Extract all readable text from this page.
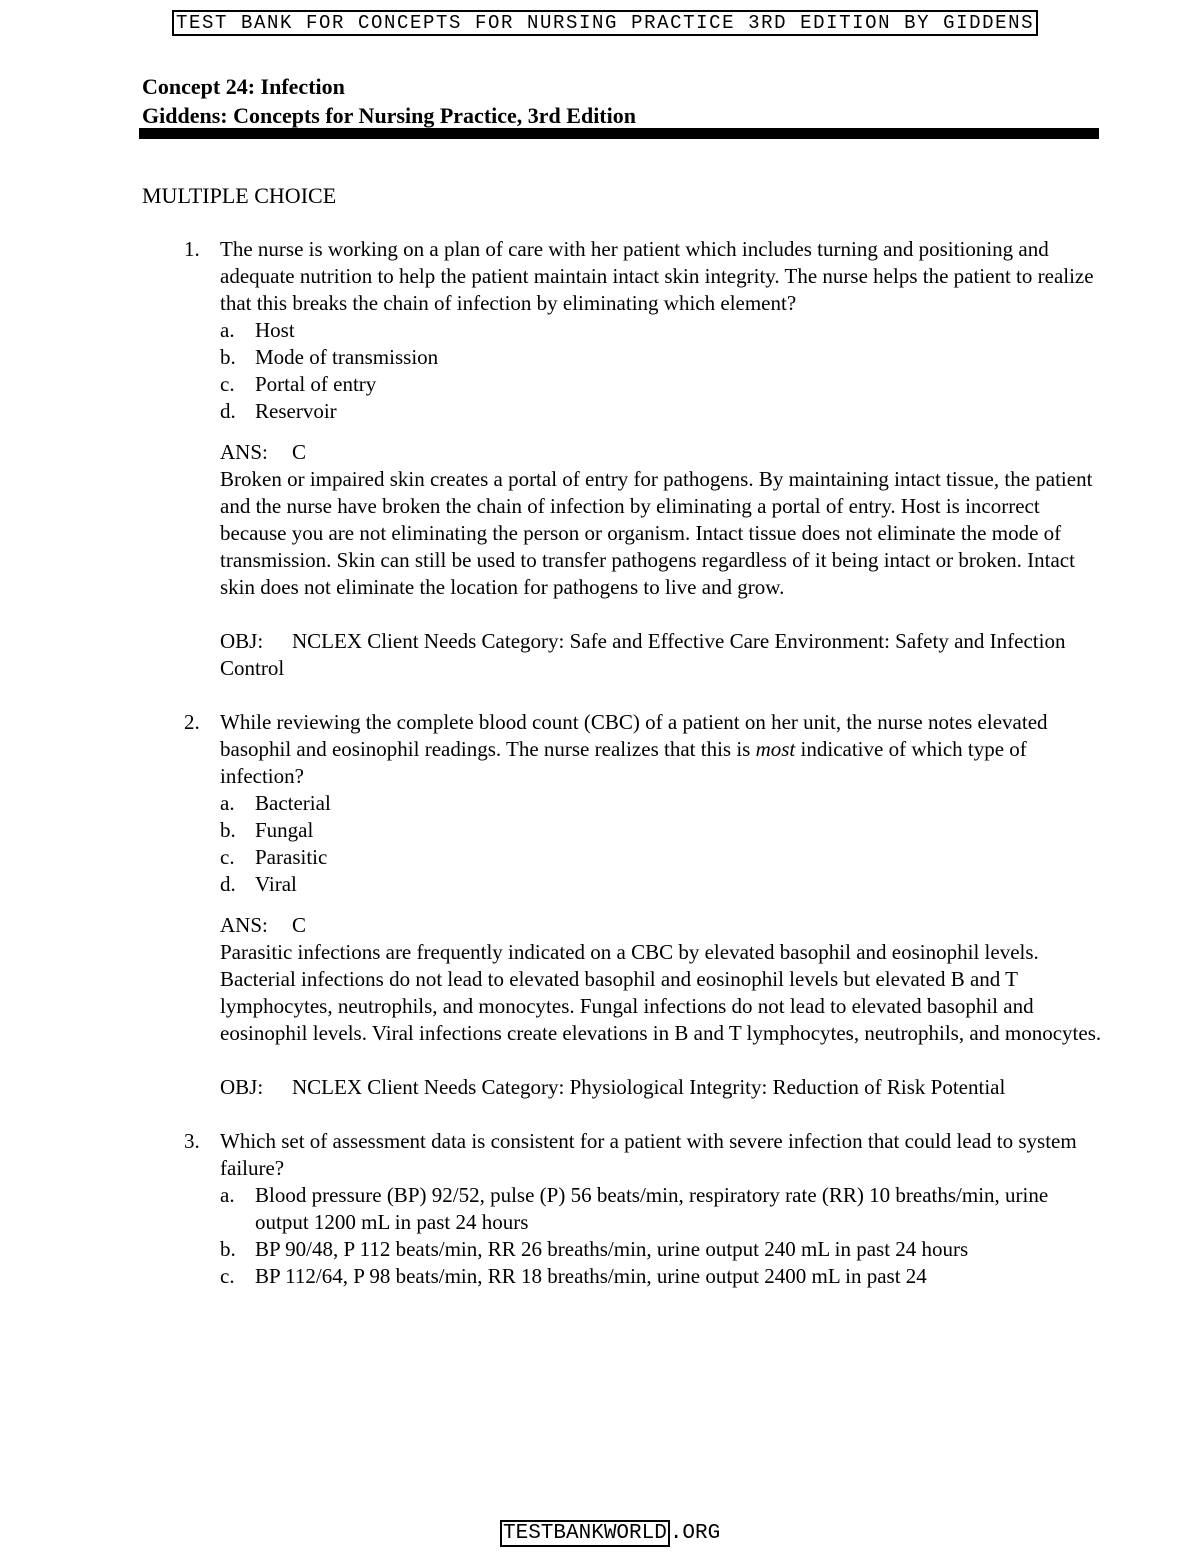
TEST BANK FOR CONCEPTS FOR NURSING PRACTICE 3RD EDITION BY GIDDENS
Concept 24: Infection
Giddens: Concepts for Nursing Practice, 3rd Edition
MULTIPLE CHOICE
1. The nurse is working on a plan of care with her patient which includes turning and positioning and adequate nutrition to help the patient maintain intact skin integrity. The nurse helps the patient to realize that this breaks the chain of infection by eliminating which element?

a. Host
b. Mode of transmission
c. Portal of entry
d. Reservoir
ANS: C

Broken or impaired skin creates a portal of entry for pathogens. By maintaining intact tissue, the patient and the nurse have broken the chain of infection by eliminating a portal of entry. Host is incorrect because you are not eliminating the person or organism. Intact tissue does not eliminate the mode of transmission. Skin can still be used to transfer pathogens regardless of it being intact or broken. Intact skin does not eliminate the location for pathogens to live and grow.

OBJ: NCLEX Client Needs Category: Safe and Effective Care Environment: Safety and Infection Control
2. While reviewing the complete blood count (CBC) of a patient on her unit, the nurse notes elevated basophil and eosinophil readings. The nurse realizes that this is most indicative of which type of infection?

a. Bacterial
b. Fungal
c. Parasitic
d. Viral
ANS: C

Parasitic infections are frequently indicated on a CBC by elevated basophil and eosinophil levels. Bacterial infections do not lead to elevated basophil and eosinophil levels but elevated B and T lymphocytes, neutrophils, and monocytes. Fungal infections do not lead to elevated basophil and eosinophil levels. Viral infections create elevations in B and T lymphocytes, neutrophils, and monocytes.

OBJ: NCLEX Client Needs Category: Physiological Integrity: Reduction of Risk Potential
3. Which set of assessment data is consistent for a patient with severe infection that could lead to system failure?

a. Blood pressure (BP) 92/52, pulse (P) 56 beats/min, respiratory rate (RR) 10 breaths/min, urine output 1200 mL in past 24 hours
b. BP 90/48, P 112 beats/min, RR 26 breaths/min, urine output 240 mL in past 24 hours
c. BP 112/64, P 98 beats/min, RR 18 breaths/min, urine output 2400 mL in past 24
TESTBANKWORLD .ORG
